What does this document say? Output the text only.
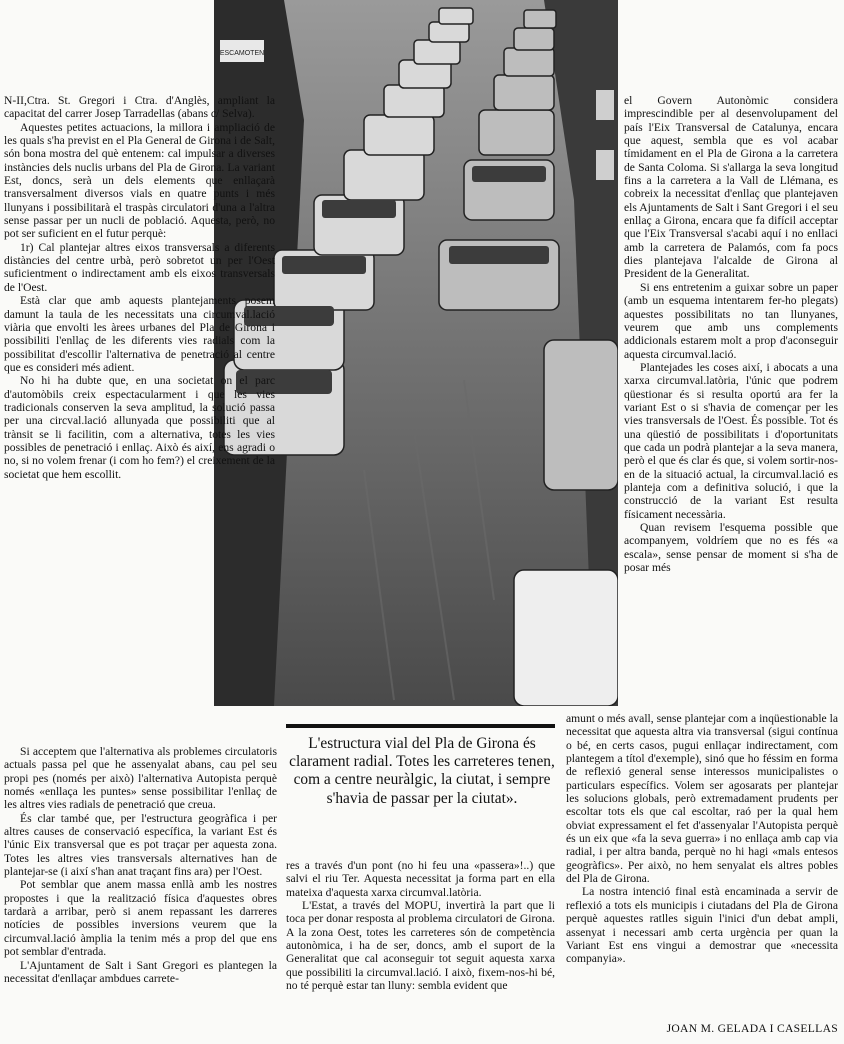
ESCAMOTEN

N-II,Ctra. St. Gregori i Ctra. d'Anglès, ampliant la capacitat del carrer Josep Tarradellas (abans c/ Selva).

Aquestes petites actuacions, la millora i ampliació de les quals s'ha previst en el Pla General de Girona i de Salt, són bona mostra del què entenem: cal impulsar a diverses instàncies dels nuclis urbans del Pla de Girona. La variant Est, doncs, serà un dels elements que enllaçarà transversalment diversos vials en quatre punts i més llunyans i possibilitarà el traspàs circulatori d'una a l'altra sense passar per un nucli de població. Aquesta, però, no pot ser suficient en el futur perquè:

1r) Cal plantejar altres eixos transversals a diferents distàncies del centre urbà, però sobretot un per l'Oest suficientment o indirectament amb els eixos transversals de l'Oest.

Està clar que amb aquests plantejaments posem damunt la taula de les necessitats una circumval.lació viària que envolti les àrees urbanes del Pla de Girona i possibiliti l'enllaç de les diferents vies radials com la possibilitat d'escollir l'alternativa de penetració al centre que es consideri més adient.

No hi ha dubte que, en una societat on el parc d'automòbils creix espectacularment i que les vies tradicionals conserven la seva amplitud, la solució passa per una circval.lació allunyada que possibiliti que al trànsit se li facilitin, com a alternativa, totes les vies possibles de penetració i enllaç. Això és així, ens agradi o no, si no volem frenar (i com ho fem?) el creixement de la societat que hem escollit.

Si acceptem que l'alternativa als problemes circulatoris actuals passa pel que he assenyalat abans, cau pel seu propi pes (només per això) l'alternativa Autopista perquè només «enllaça les puntes» sense possibilitar l'enllaç de les altres vies radials de penetració que creua.

És clar també que, per l'estructura geogràfica i per altres causes de conservació específica, la variant Est és l'únic Eix transversal que es pot traçar per aquesta zona. Totes les altres vies transversals alternatives han de plantejar-se (i així s'han anat traçant fins ara) per l'Oest.

Pot semblar que anem massa enllà amb les nostres propostes i que la realització física d'aquestes obres tardarà a arribar, però si anem repassant les darreres notícies de possibles inversions veurem que la circumval.lació àmplia la tenim més a prop del que ens pot semblar d'entrada.

L'Ajuntament de Salt i Sant Gregori es plantegen la necessitat d'enllaçar ambdues carrete-

el Govern Autonòmic considera imprescindible per al desenvolupament del país l'Eix Transversal de Catalunya, encara que aquest, sembla que es vol acabar tímidament en el Pla de Girona a la carretera de Santa Coloma. Si s'allarga la seva longitud fins a la carretera a la Vall de Llémana, es cobreix la necessitat d'enllaç que plantejaven els Ajuntaments de Salt i Sant Gregori i el seu enllaç a Girona, encara que fa difícil acceptar que l'Eix Transversal s'acabi aquí i no enllaci amb la carretera de Palamós, com fa pocs dies plantejava l'alcalde de Girona al President de la Generalitat.

Si ens entretenim a guixar sobre un paper (amb un esquema intentarem fer-ho plegats) aquestes possibilitats no tan llunyanes, veurem que amb uns complements addicionals estarem molt a prop d'aconseguir aquesta circumval.lació.

Plantejades les coses així, i abocats a una xarxa circumval.latòria, l'únic que podrem qüestionar és si resulta oportú ara fer la variant Est o si s'havia de començar per les vies transversals de l'Oest. És possible. Tot és una qüestió de possibilitats i d'oportunitats que cada un podrà plantejar a la seva manera, però el que és clar és que, si volem sortir-nos-en de la situació actual, la circumval.lació es planteja com a definitiva solució, i que la construcció de la variant Est resulta físicament necessària.

Quan revisem l'esquema possible que acompanyem, voldríem que no es fés «a escala», sense pensar de moment si s'ha de posar més

L'estructura vial del Pla de Girona és clarament radial. Totes les carreteres tenen, com a centre neuràlgic, la ciutat, i sempre s'havia de passar per la ciutat».

res a través d'un pont (no hi feu una «passera»!..) que salvi el riu Ter. Aquesta necessitat ja forma part en ella mateixa d'aquesta xarxa circumval.latòria.

L'Estat, a través del MOPU, invertirà la part que li toca per donar resposta al problema circulatori de Girona. A la zona Oest, totes les carreteres són de competència autonòmica, i ha de ser, doncs, amb el suport de la Generalitat que cal aconseguir tot seguit aquesta xarxa que possibiliti la circumval.lació. I això, fixem-nos-hi bé, no té perquè estar tan lluny: sembla evident que

amunt o més avall, sense plantejar com a inqüestionable la necessitat que aquesta altra via transversal (sigui contínua o bé, en certs casos, pugui enllaçar indirectament, com plantegem a títol d'exemple), sinó que ho féssim en forma de reflexió general sense interessos municipalistes o particulars específics. Volem ser agosarats per plantejar les solucions globals, però extremadament prudents per escoltar tots els que cal escoltar, raó per la qual hem obviat expressament el fet d'assenyalar l'Autopista perquè és un eix que «fa la seva guerra» i no enllaça amb cap via radial, i per altra banda, perquè no hi hagi «mals entesos geogràfics». Per això, no hem senyalat els altres pobles del Pla de Girona.

La nostra intenció final està encaminada a servir de reflexió a tots els municipis i ciutadans del Pla de Girona perquè aquestes ratlles siguin l'inici d'un debat ampli, assenyat i necessari amb certa urgència per quan la Variant Est ens vingui a demostrar que «necessita companyia».

JOAN M. GELADA I CASELLAS
